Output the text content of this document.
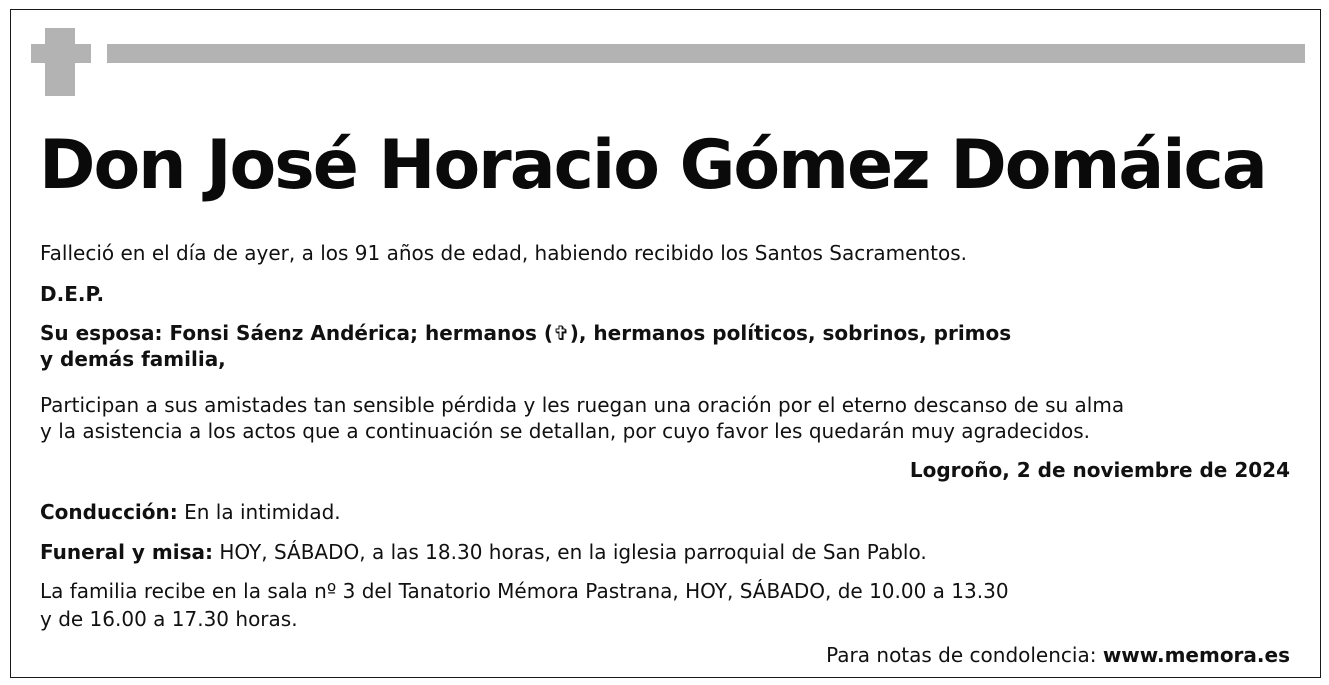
Don José Horacio Gómez Domáica

Falleció en el día de ayer, a los 91 años de edad, habiendo recibido los Santos Sacramentos.

D.E.P.

Su esposa: Fonsi Sáenz Andérica; hermanos (✞), hermanos políticos, sobrinos, primos

y demás familia,

Participan a sus amistades tan sensible pérdida y les ruegan una oración por el eterno descanso de su alma

y la asistencia a los actos que a continuación se detallan, por cuyo favor les quedarán muy agradecidos.

Logroño, 2 de noviembre de 2024

Conducción: En la intimidad.

Funeral y misa: HOY, SÁBADO, a las 18.30 horas, en la iglesia parroquial de San Pablo.

La familia recibe en la sala nº 3 del Tanatorio Mémora Pastrana, HOY, SÁBADO, de 10.00 a 13.30

y de 16.00 a 17.30 horas.

Para notas de condolencia: www.memora.es
